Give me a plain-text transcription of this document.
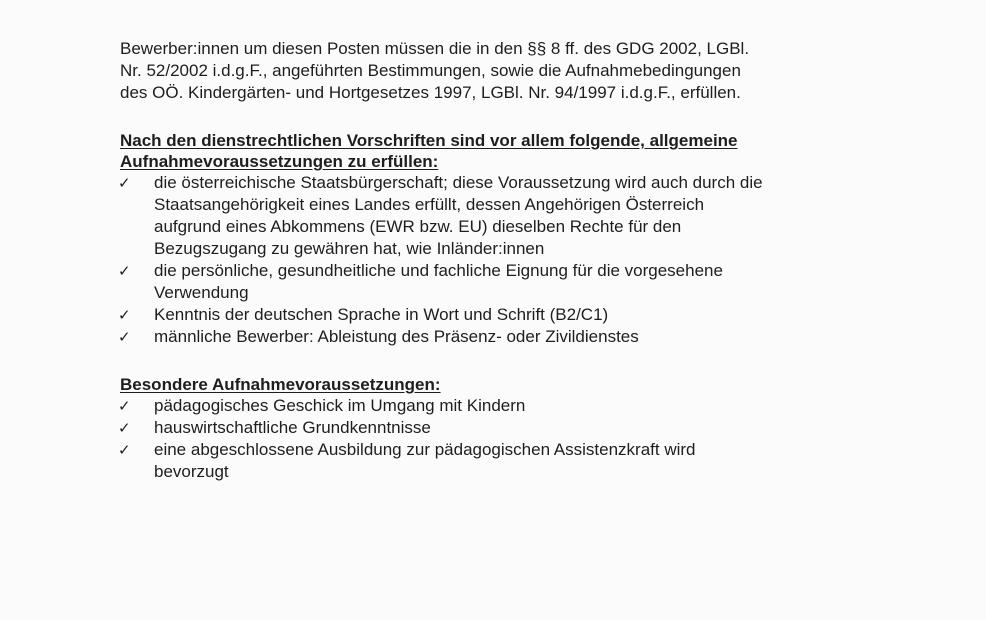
Bewerber:innen um diesen Posten müssen die in den §§ 8 ff. des GDG 2002, LGBl.
Nr. 52/2002 i.d.g.F., angeführten Bestimmungen, sowie die Aufnahmebedingungen
des OÖ. Kindergärten- und Hortgesetzes 1997, LGBl. Nr. 94/1997 i.d.g.F., erfüllen.
Nach den dienstrechtlichen Vorschriften sind vor allem folgende, allgemeine
Aufnahmevoraussetzungen zu erfüllen:
✓	die österreichische Staatsbürgerschaft; diese Voraussetzung wird auch durch die
Staatsangehörigkeit eines Landes erfüllt, dessen Angehörigen Österreich
aufgrund eines Abkommens (EWR bzw. EU) dieselben Rechte für den
Bezugszugang zu gewähren hat, wie Inländer:innen
✓	die persönliche, gesundheitliche und fachliche Eignung für die vorgesehene
Verwendung
✓	Kenntnis der deutschen Sprache in Wort und Schrift (B2/C1)
✓	männliche Bewerber: Ableistung des Präsenz- oder Zivildienstes
Besondere Aufnahmevoraussetzungen:
✓	pädagogisches Geschick im Umgang mit Kindern
✓	hauswirtschaftliche Grundkenntnisse
✓	eine abgeschlossene Ausbildung zur pädagogischen Assistenzkraft wird
bevorzugt
